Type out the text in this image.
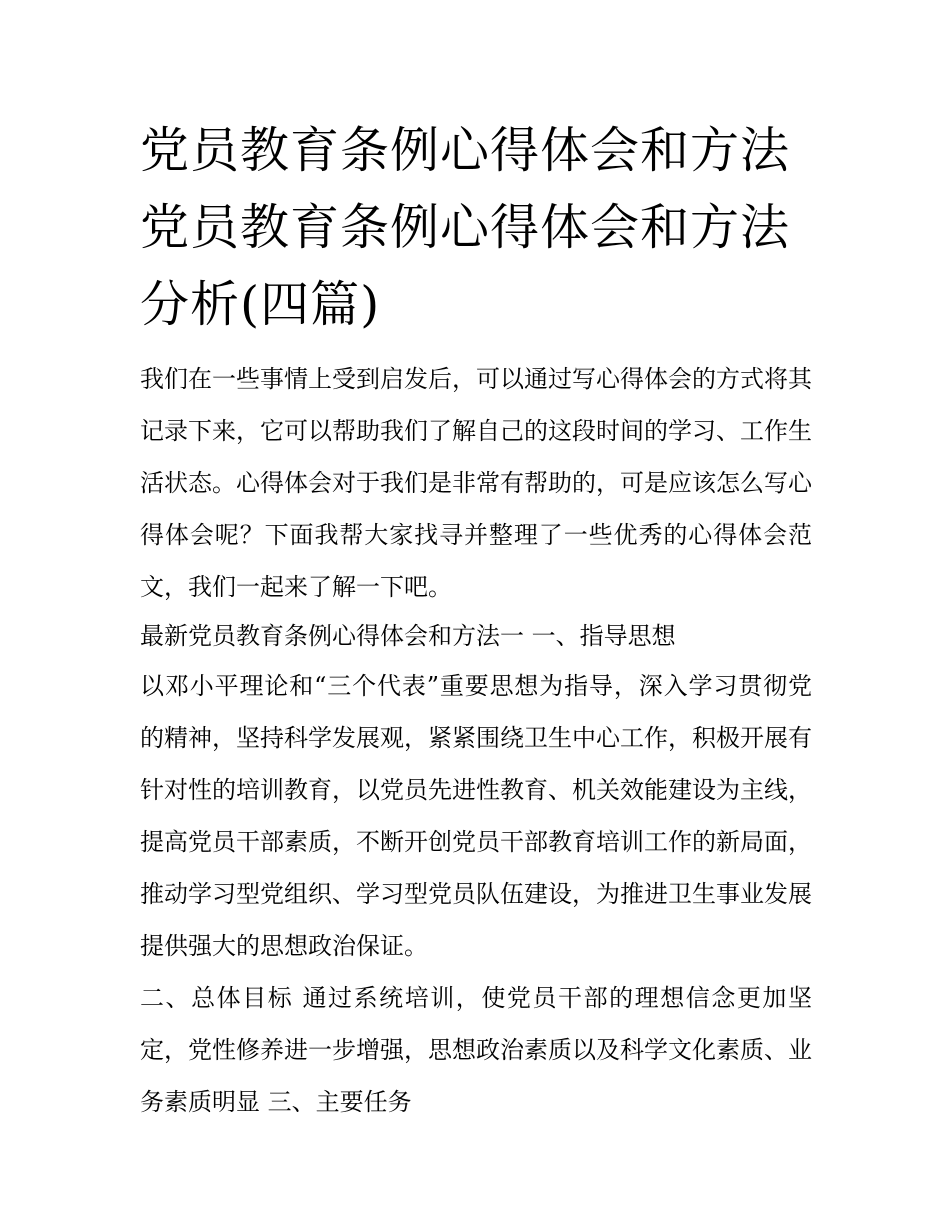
党员教育条例心得体会和方法
党员教育条例心得体会和方法
分析(四篇)

我们在一些事情上受到启发后，可以通过写心得体会的方式将其记录下来，它可以帮助我们了解自己的这段时间的学习、工作生活状态。心得体会对于我们是非常有帮助的，可是应该怎么写心得体会呢？下面我帮大家找寻并整理了一些优秀的心得体会范文，我们一起来了解一下吧。

最新党员教育条例心得体会和方法一 一、指导思想

以邓小平理论和“三个代表”重要思想为指导，深入学习贯彻党的精神，坚持科学发展观，紧紧围绕卫生中心工作，积极开展有针对性的培训教育，以党员先进性教育、机关效能建设为主线，提高党员干部素质，不断开创党员干部教育培训工作的新局面，推动学习型党组织、学习型党员队伍建设，为推进卫生事业发展提供强大的思想政治保证。

二、总体目标 通过系统培训，使党员干部的理想信念更加坚定，党性修养进一步增强，思想政治素质以及科学文化素质、业务素质明显 三、主要任务
